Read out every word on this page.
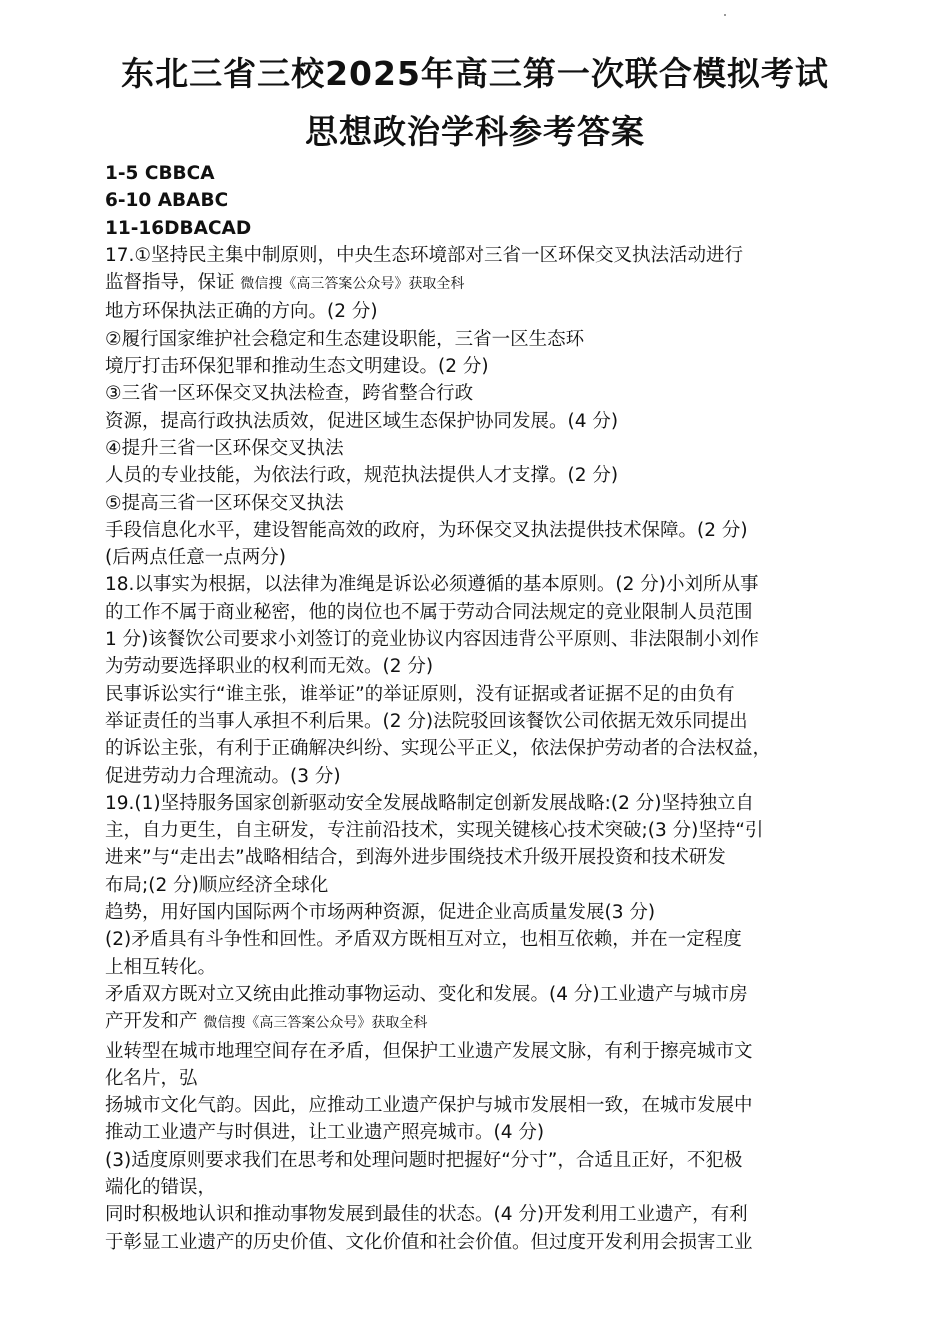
东北三省三校2025年高三第一次联合模拟考试
思想政治学科参考答案
1-5 CBBCA
6-10 ABABC
11-16DBACAD
17.①坚持民主集中制原则，中央生态环境部对三省一区环保交叉执法活动进行
监督指导，保证 微信搜《高三答案公众号》获取全科
地方环保执法正确的方向。(2 分)
②履行国家维护社会稳定和生态建设职能，三省一区生态环
境厅打击环保犯罪和推动生态文明建设。(2 分)
③三省一区环保交叉执法检查，跨省整合行政
资源，提高行政执法质效，促进区域生态保护协同发展。(4 分)
④提升三省一区环保交叉执法
人员的专业技能，为依法行政，规范执法提供人才支撑。(2 分)
⑤提高三省一区环保交叉执法
手段信息化水平，建设智能高效的政府，为环保交叉执法提供技术保障。(2 分)
(后两点任意一点两分)
18.以事实为根据，以法律为准绳是诉讼必须遵循的基本原则。(2 分)小刘所从事
的工作不属于商业秘密，他的岗位也不属于劳动合同法规定的竞业限制人员范围
1 分)该餐饮公司要求小刘签订的竞业协议内容因违背公平原则、非法限制小刘作
为劳动要选择职业的权利而无效。(2 分)
民事诉讼实行“谁主张，谁举证”的举证原则，没有证据或者证据不足的由负有
举证责任的当事人承担不利后果。(2 分)法院驳回该餐饮公司依据无效乐同提出
的诉讼主张，有利于正确解决纠纷、实现公平正义，依法保护劳动者的合法权益，
促进劳动力合理流动。(3 分)
19.(1)坚持服务国家创新驱动安全发展战略制定创新发展战略:(2 分)坚持独立自
主，自力更生，自主研发，专注前沿技术，实现关键核心技术突破;(3 分)坚持“引
进来”与“走出去”战略相结合，到海外进步围绕技术升级开展投资和技术研发
布局;(2 分)顺应经济全球化
趋势，用好国内国际两个市场两种资源，促进企业高质量发展(3 分)
(2)矛盾具有斗争性和回性。矛盾双方既相互对立，也相互依赖，并在一定程度
上相互转化。
矛盾双方既对立又统由此推动事物运动、变化和发展。(4 分)工业遗产与城市房
产开发和产 微信搜《高三答案公众号》获取全科
业转型在城市地理空间存在矛盾，但保护工业遗产发展文脉，有利于擦亮城市文
化名片，弘
扬城市文化气韵。因此，应推动工业遗产保护与城市发展相一致，在城市发展中
推动工业遗产与时俱进，让工业遗产照亮城市。(4 分)
(3)适度原则要求我们在思考和处理问题时把握好“分寸”，合适且正好，不犯极
端化的错误，
同时积极地认识和推动事物发展到最佳的状态。(4 分)开发利用工业遗产，有利
于彰显工业遗产的历史价值、文化价值和社会价值。但过度开发利用会损害工业
